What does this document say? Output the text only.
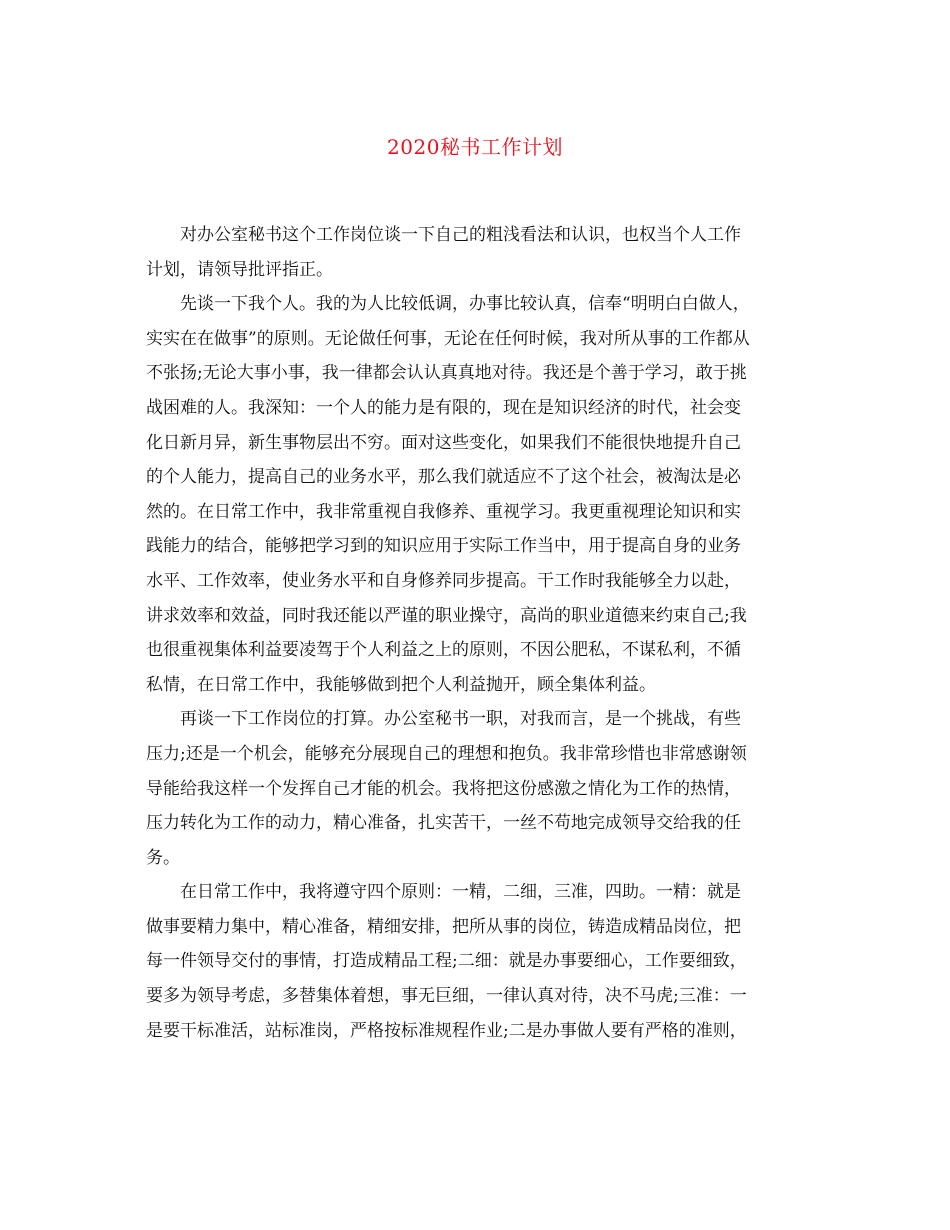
2020秘书工作计划
对办公室秘书这个工作岗位谈一下自己的粗浅看法和认识，也权当个人工作
计划，请领导批评指正。
先谈一下我个人。我的为人比较低调，办事比较认真，信奉“明明白白做人，
实实在在做事”的原则。无论做任何事，无论在任何时候，我对所从事的工作都从
不张扬;无论大事小事，我一律都会认认真真地对待。我还是个善于学习，敢于挑
战困难的人。我深知：一个人的能力是有限的，现在是知识经济的时代，社会变
化日新月异，新生事物层出不穷。面对这些变化，如果我们不能很快地提升自己
的个人能力，提高自己的业务水平，那么我们就适应不了这个社会，被淘汰是必
然的。在日常工作中，我非常重视自我修养、重视学习。我更重视理论知识和实
践能力的结合，能够把学习到的知识应用于实际工作当中，用于提高自身的业务
水平、工作效率，使业务水平和自身修养同步提高。干工作时我能够全力以赴，
讲求效率和效益，同时我还能以严谨的职业操守，高尚的职业道德来约束自己;我
也很重视集体利益要凌驾于个人利益之上的原则，不因公肥私，不谋私利，不循
私情，在日常工作中，我能够做到把个人利益抛开，顾全集体利益。
再谈一下工作岗位的打算。办公室秘书一职，对我而言，是一个挑战，有些
压力;还是一个机会，能够充分展现自己的理想和抱负。我非常珍惜也非常感谢领
导能给我这样一个发挥自己才能的机会。我将把这份感激之情化为工作的热情，
压力转化为工作的动力，精心准备，扎实苦干，一丝不苟地完成领导交给我的任
务。
在日常工作中，我将遵守四个原则：一精，二细，三准，四助。一精：就是
做事要精力集中，精心准备，精细安排，把所从事的岗位，铸造成精品岗位，把
每一件领导交付的事情，打造成精品工程;二细：就是办事要细心，工作要细致，
要多为领导考虑，多替集体着想，事无巨细，一律认真对待，决不马虎;三准：一
是要干标准活，站标准岗，严格按标准规程作业;二是办事做人要有严格的准则，
